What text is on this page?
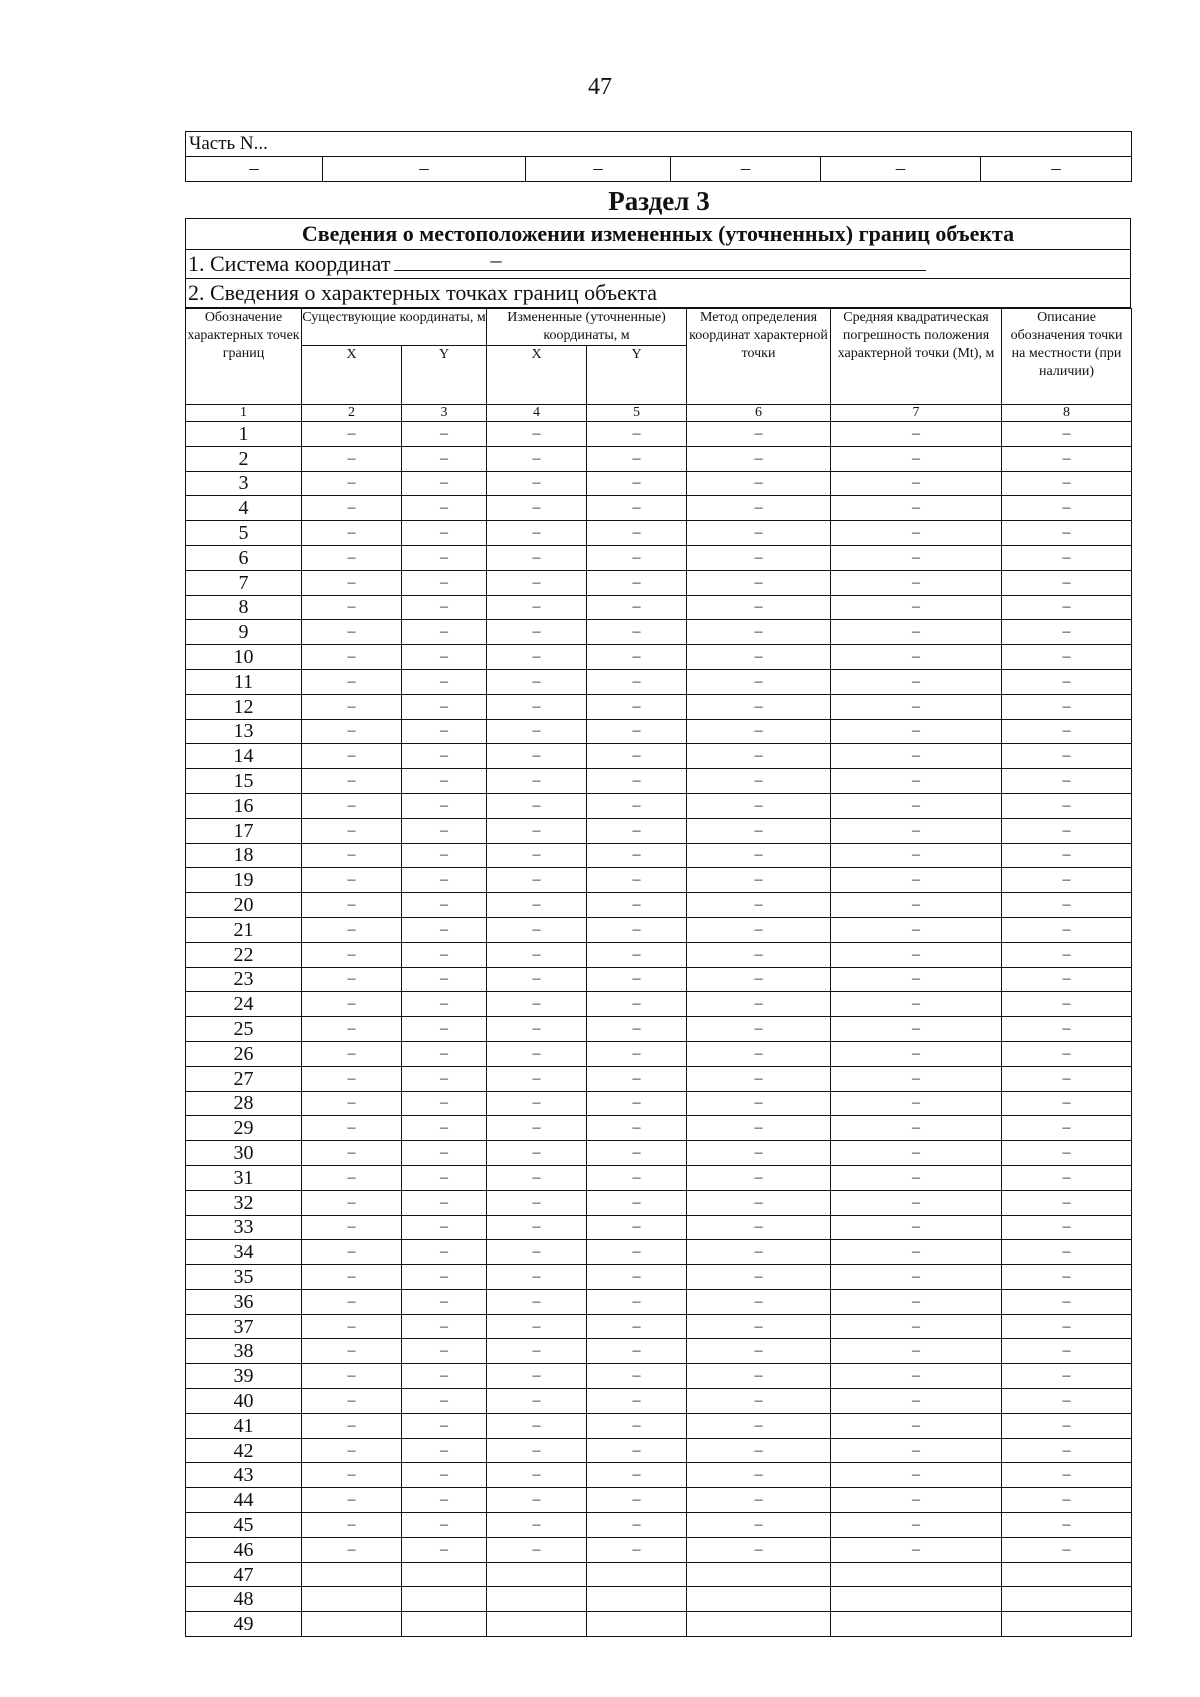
47
Часть N...
–	–	–	–	–	–
Раздел 3
Сведения о местоположении измененных (уточненных) границ объекта
1. Система координат	–
2. Сведения о характерных точках границ объекта
Обозначение характерных точек границ	Существующие координаты, м		Измененные (уточненные) координаты, м		Метод определения координат характерной точки	Средняя квадратическая погрешность положения характерной точки (Mt), м	Описание обозначения точки на местности (при наличии)
	X	Y	X	Y			
1	2	3	4	5	6	7	8
1	–	–	–	–	–	–	–
2	–	–	–	–	–	–	–
3	–	–	–	–	–	–	–
4	–	–	–	–	–	–	–
5	–	–	–	–	–	–	–
6	–	–	–	–	–	–	–
7	–	–	–	–	–	–	–
8	–	–	–	–	–	–	–
9	–	–	–	–	–	–	–
10	–	–	–	–	–	–	–
11	–	–	–	–	–	–	–
12	–	–	–	–	–	–	–
13	–	–	–	–	–	–	–
14	–	–	–	–	–	–	–
15	–	–	–	–	–	–	–
16	–	–	–	–	–	–	–
17	–	–	–	–	–	–	–
18	–	–	–	–	–	–	–
19	–	–	–	–	–	–	–
20	–	–	–	–	–	–	–
21	–	–	–	–	–	–	–
22	–	–	–	–	–	–	–
23	–	–	–	–	–	–	–
24	–	–	–	–	–	–	–
25	–	–	–	–	–	–	–
26	–	–	–	–	–	–	–
27	–	–	–	–	–	–	–
28	–	–	–	–	–	–	–
29	–	–	–	–	–	–	–
30	–	–	–	–	–	–	–
31	–	–	–	–	–	–	–
32	–	–	–	–	–	–	–
33	–	–	–	–	–	–	–
34	–	–	–	–	–	–	–
35	–	–	–	–	–	–	–
36	–	–	–	–	–	–	–
37	–	–	–	–	–	–	–
38	–	–	–	–	–	–	–
39	–	–	–	–	–	–	–
40	–	–	–	–	–	–	–
41	–	–	–	–	–	–	–
42	–	–	–	–	–	–	–
43	–	–	–	–	–	–	–
44	–	–	–	–	–	–	–
45	–	–	–	–	–	–	–
46	–	–	–	–	–	–	–
47							
48							
49							
